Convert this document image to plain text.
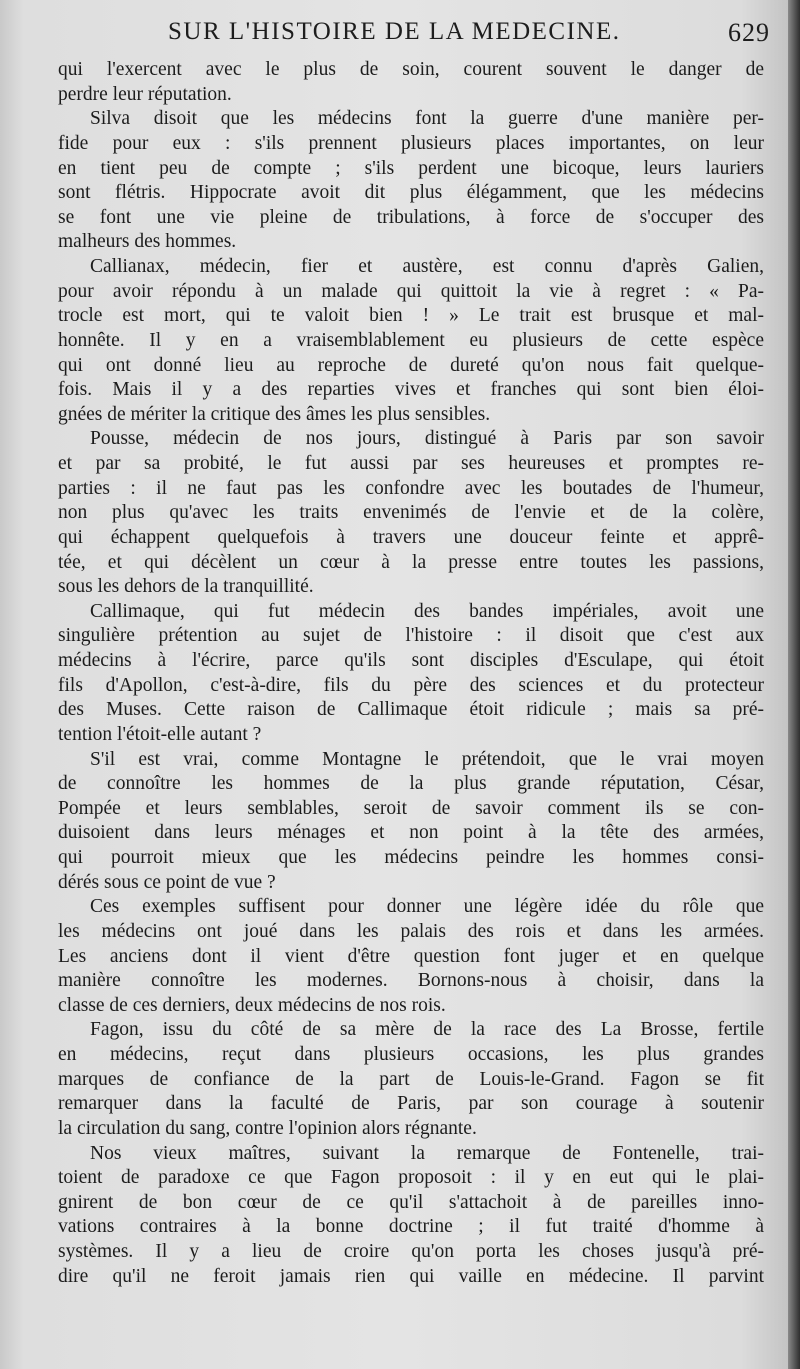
SUR L'HISTOIRE DE LA MEDECINE.	629

qui l'exercent avec le plus de soin, courent souvent le danger de
perdre leur réputation.

Silva disoit que les médecins font la guerre d'une manière per-
fide pour eux : s'ils prennent plusieurs places importantes, on leur
en tient peu de compte ; s'ils perdent une bicoque, leurs lauriers
sont flétris. Hippocrate avoit dit plus élégamment, que les médecins
se font une vie pleine de tribulations, à force de s'occuper des
malheurs des hommes.

Callianax, médecin, fier et austère, est connu d'après Galien,
pour avoir répondu à un malade qui quittoit la vie à regret : « Pa-
trocle est mort, qui te valoit bien ! » Le trait est brusque et mal-
honnête. Il y en a vraisemblablement eu plusieurs de cette espèce
qui ont donné lieu au reproche de dureté qu'on nous fait quelque-
fois. Mais il y a des reparties vives et franches qui sont bien éloi-
gnées de mériter la critique des âmes les plus sensibles.

Pousse, médecin de nos jours, distingué à Paris par son savoir
et par sa probité, le fut aussi par ses heureuses et promptes re-
parties : il ne faut pas les confondre avec les boutades de l'humeur,
non plus qu'avec les traits envenimés de l'envie et de la colère,
qui échappent quelquefois à travers une douceur feinte et apprê-
tée, et qui décèlent un cœur à la presse entre toutes les passions,
sous les dehors de la tranquillité.

Callimaque, qui fut médecin des bandes impériales, avoit une
singulière prétention au sujet de l'histoire : il disoit que c'est aux
médecins à l'écrire, parce qu'ils sont disciples d'Esculape, qui étoit
fils d'Apollon, c'est-à-dire, fils du père des sciences et du protecteur
des Muses. Cette raison de Callimaque étoit ridicule ; mais sa pré-
tention l'étoit-elle autant ?

S'il est vrai, comme Montagne le prétendoit, que le vrai moyen
de connoître les hommes de la plus grande réputation, César,
Pompée et leurs semblables, seroit de savoir comment ils se con-
duisoient dans leurs ménages et non point à la tête des armées,
qui pourroit mieux que les médecins peindre les hommes consi-
dérés sous ce point de vue ?

Ces exemples suffisent pour donner une légère idée du rôle que
les médecins ont joué dans les palais des rois et dans les armées.
Les anciens dont il vient d'être question font juger et en quelque
manière connoître les modernes. Bornons-nous à choisir, dans la
classe de ces derniers, deux médecins de nos rois.

Fagon, issu du côté de sa mère de la race des La Brosse, fertile
en médecins, reçut dans plusieurs occasions, les plus grandes
marques de confiance de la part de Louis-le-Grand. Fagon se fit
remarquer dans la faculté de Paris, par son courage à soutenir
la circulation du sang, contre l'opinion alors régnante.

Nos vieux maîtres, suivant la remarque de Fontenelle, trai-
toient de paradoxe ce que Fagon proposoit : il y en eut qui le plai-
gnirent de bon cœur de ce qu'il s'attachoit à de pareilles inno-
vations contraires à la bonne doctrine ; il fut traité d'homme à
systèmes. Il y a lieu de croire qu'on porta les choses jusqu'à pré-
dire qu'il ne feroit jamais rien qui vaille en médecine. Il parvint
